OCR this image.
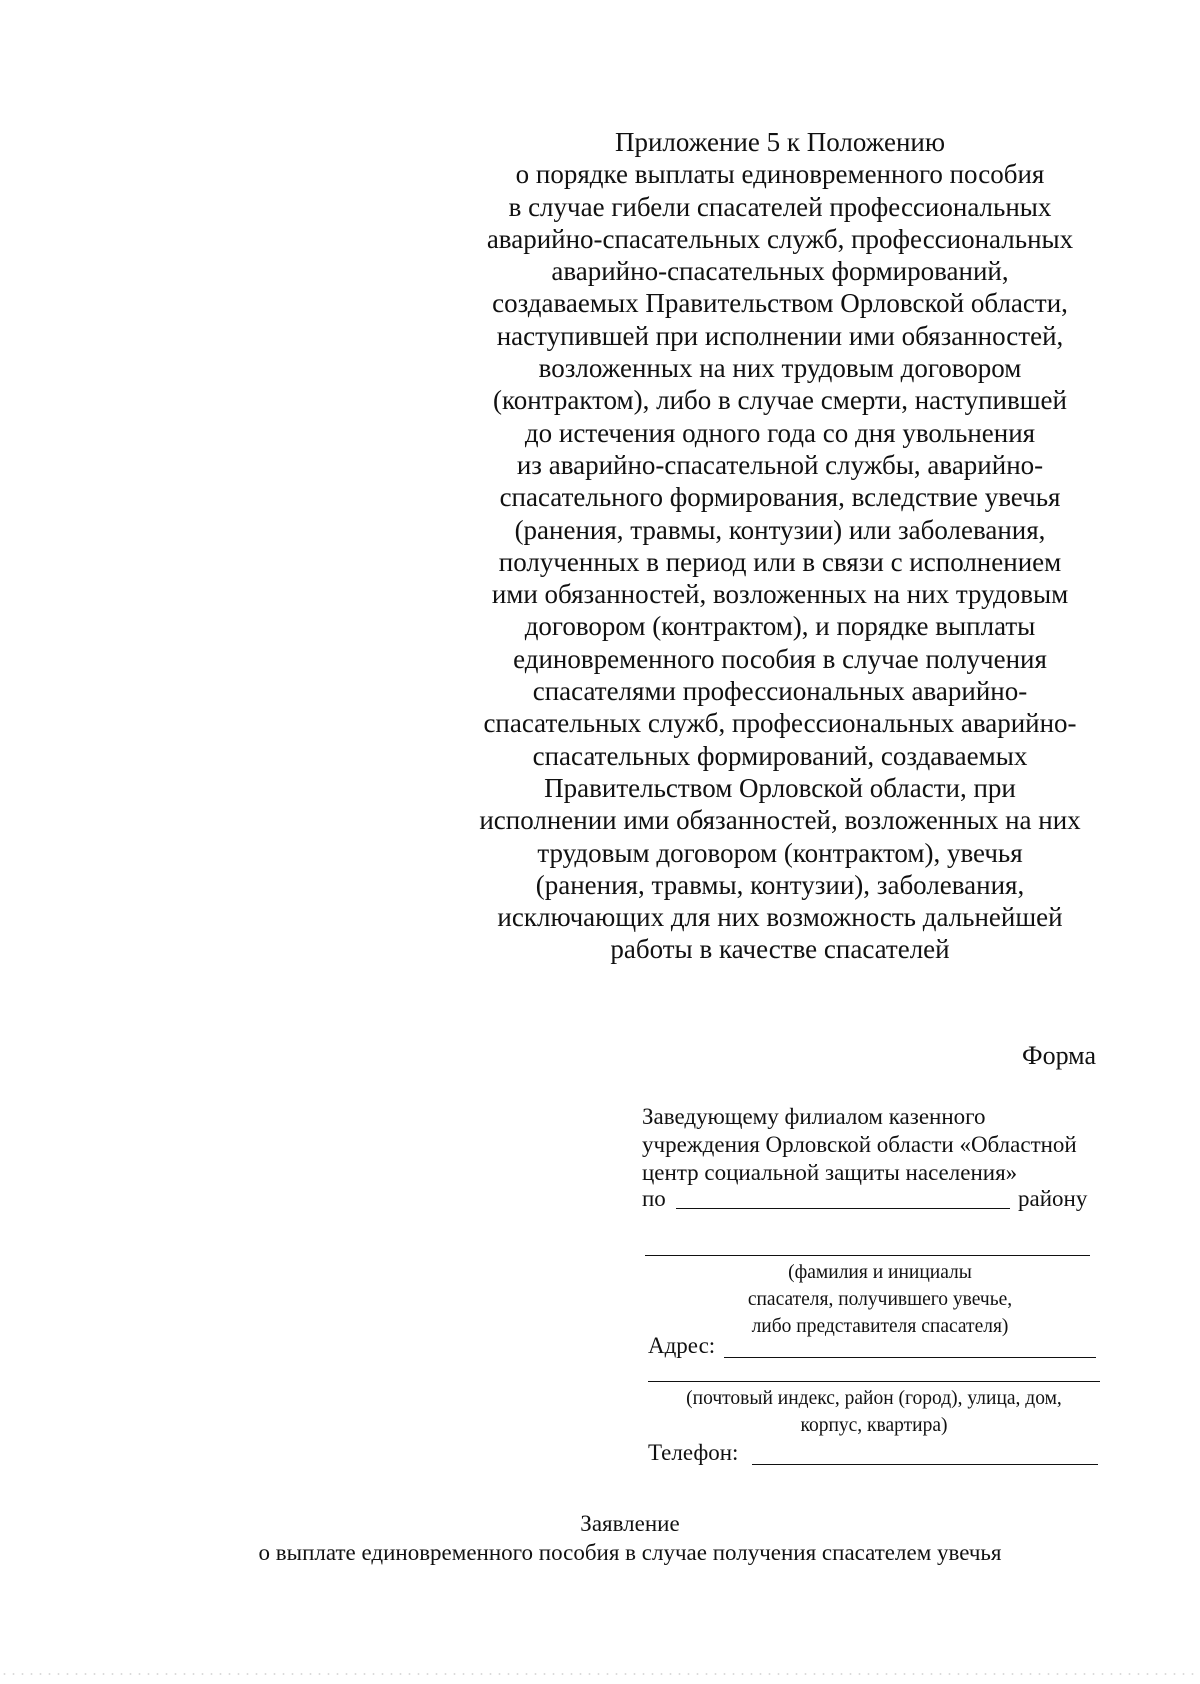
Приложение 5 к Положению
о порядке выплаты единовременного пособия
в случае гибели спасателей профессиональных
аварийно-спасательных служб, профессиональных
аварийно-спасательных формирований,
создаваемых Правительством Орловской области,
наступившей при исполнении ими обязанностей,
возложенных на них трудовым договором
(контрактом), либо в случае смерти, наступившей
до истечения одного года со дня увольнения
из аварийно-спасательной службы, аварийно-
спасательного формирования, вследствие увечья
(ранения, травмы, контузии) или заболевания,
полученных в период или в связи с исполнением
ими обязанностей, возложенных на них трудовым
договором (контрактом), и порядке выплаты
единовременного пособия в случае получения
спасателями профессиональных аварийно-
спасательных служб, профессиональных аварийно-
спасательных формирований, создаваемых
Правительством Орловской области, при
исполнении ими обязанностей, возложенных на них
трудовым договором (контрактом), увечья
(ранения, травмы, контузии), заболевания,
исключающих для них возможность дальнейшей
работы в качестве спасателей
Форма
Заведующему филиалом казенного
учреждения Орловской области «Областной
центр социальной защиты населения»
по	району
(фамилия и инициалы
спасателя, получившего увечье,
либо представителя спасателя)
Адрес:
(почтовый индекс, район (город), улица, дом,
корпус, квартира)
Телефон:
Заявление
о выплате единовременного пособия в случае получения спасателем увечья
